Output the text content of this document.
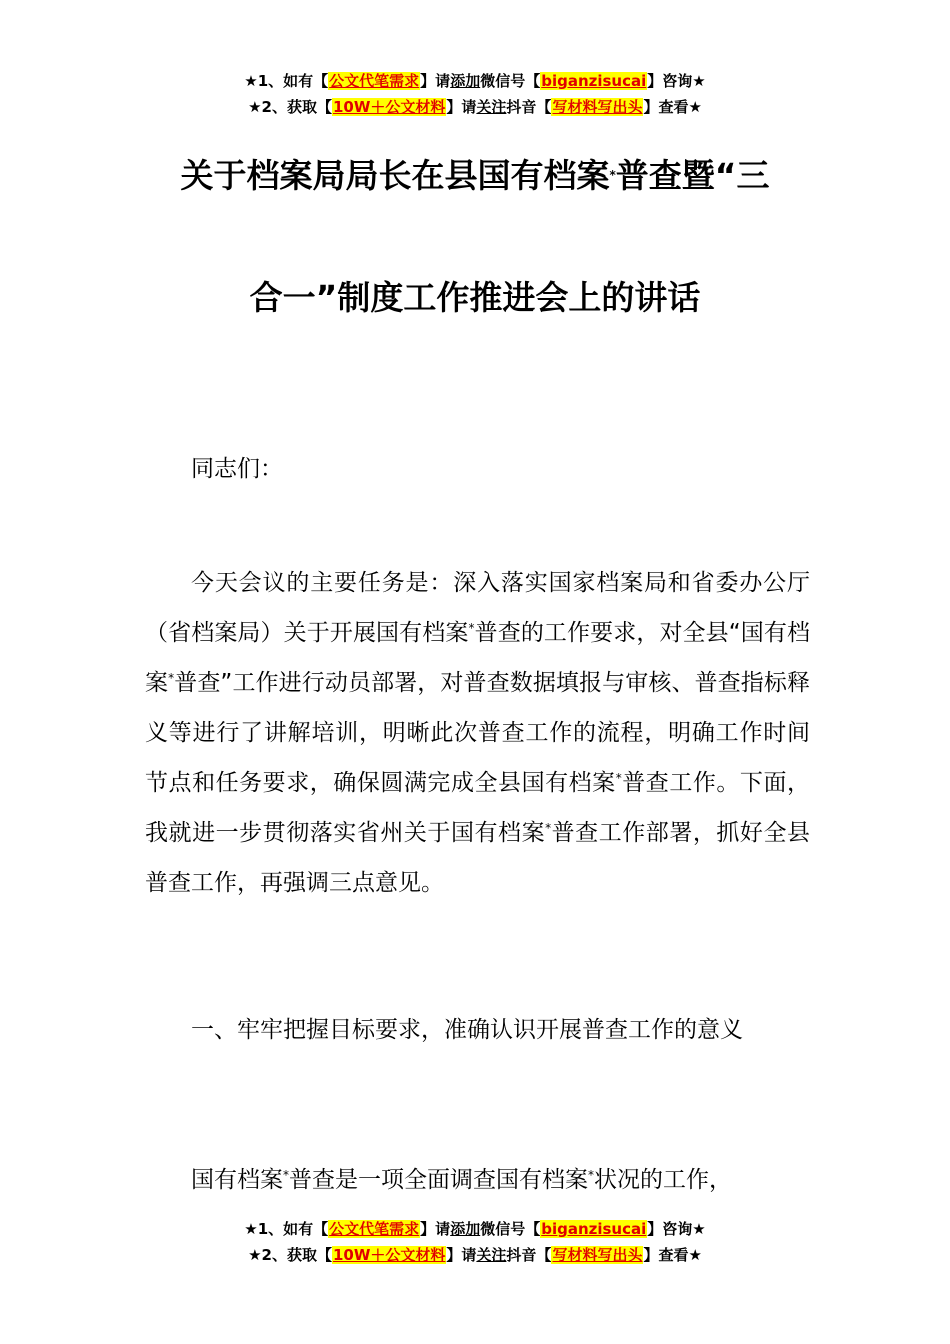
★1、如有【公文代笔需求】请添加微信号【biganzisucai】咨询★
★2、获取【10W＋公文材料】请关注抖音【写材料写出头】查看★
关于档案局局长在县国有档案*普查暨“三
合一”制度工作推进会上的讲话

同志们：

今天会议的主要任务是：深入落实国家档案局和省委办公厅（省档案局）关于开展国有档案*普查的工作要求，对全县“国有档案*普查”工作进行动员部署，对普查数据填报与审核、普查指标释义等进行了讲解培训，明晰此次普查工作的流程，明确工作时间节点和任务要求，确保圆满完成全县国有档案*普查工作。下面，我就进一步贯彻落实省州关于国有档案*普查工作部署，抓好全县普查工作，再强调三点意见。

一、牢牢把握目标要求，准确认识开展普查工作的意义

国有档案*普查是一项全面调查国有档案*状况的工作，

★1、如有【公文代笔需求】请添加微信号【biganzisucai】咨询★
★2、获取【10W＋公文材料】请关注抖音【写材料写出头】查看★
